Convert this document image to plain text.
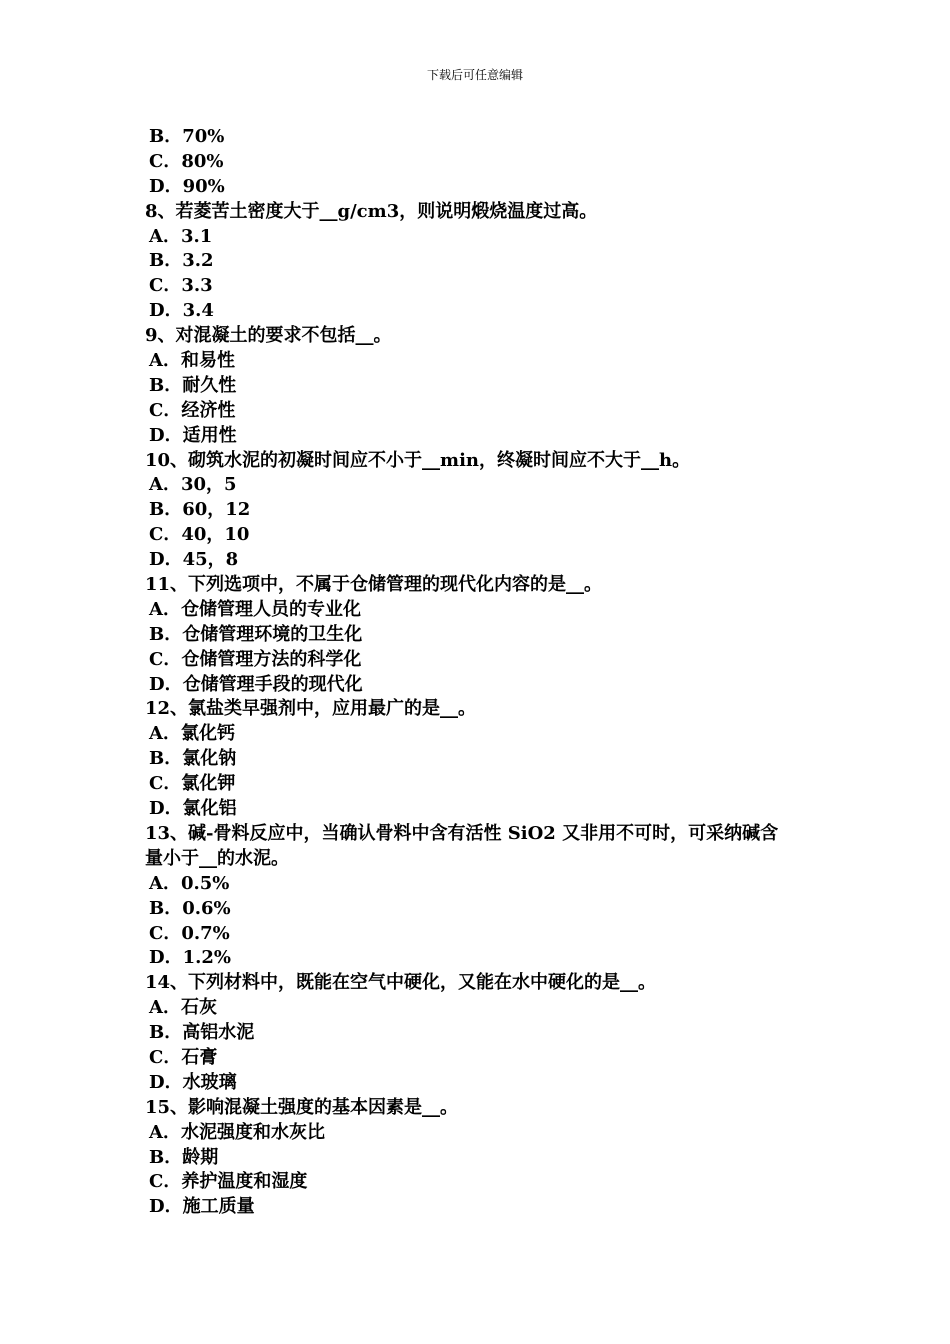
下载后可任意编辑
B．70%
C．80%
D．90%
8、若菱苦土密度大于__g/cm3，则说明煅烧温度过高。
A．3.1
B．3.2
C．3.3
D．3.4
9、对混凝土的要求不包括__。
A．和易性
B．耐久性
C．经济性
D．适用性
10、砌筑水泥的初凝时间应不小于__min，终凝时间应不大于__h。
A．30，5
B．60，12
C．40，10
D．45，8
11、下列选项中，不属于仓储管理的现代化内容的是__。
A．仓储管理人员的专业化
B．仓储管理环境的卫生化
C．仓储管理方法的科学化
D．仓储管理手段的现代化
12、氯盐类早强剂中，应用最广的是__。
A．氯化钙
B．氯化钠
C．氯化钾
D．氯化铝
13、碱-骨料反应中，当确认骨料中含有活性 SiO2 又非用不可时，可采纳碱含
量小于__的水泥。
A．0.5%
B．0.6%
C．0.7%
D．1.2%
14、下列材料中，既能在空气中硬化，又能在水中硬化的是__。
A．石灰
B．高铝水泥
C．石膏
D．水玻璃
15、影响混凝土强度的基本因素是__。
A．水泥强度和水灰比
B．龄期
C．养护温度和湿度
D．施工质量
